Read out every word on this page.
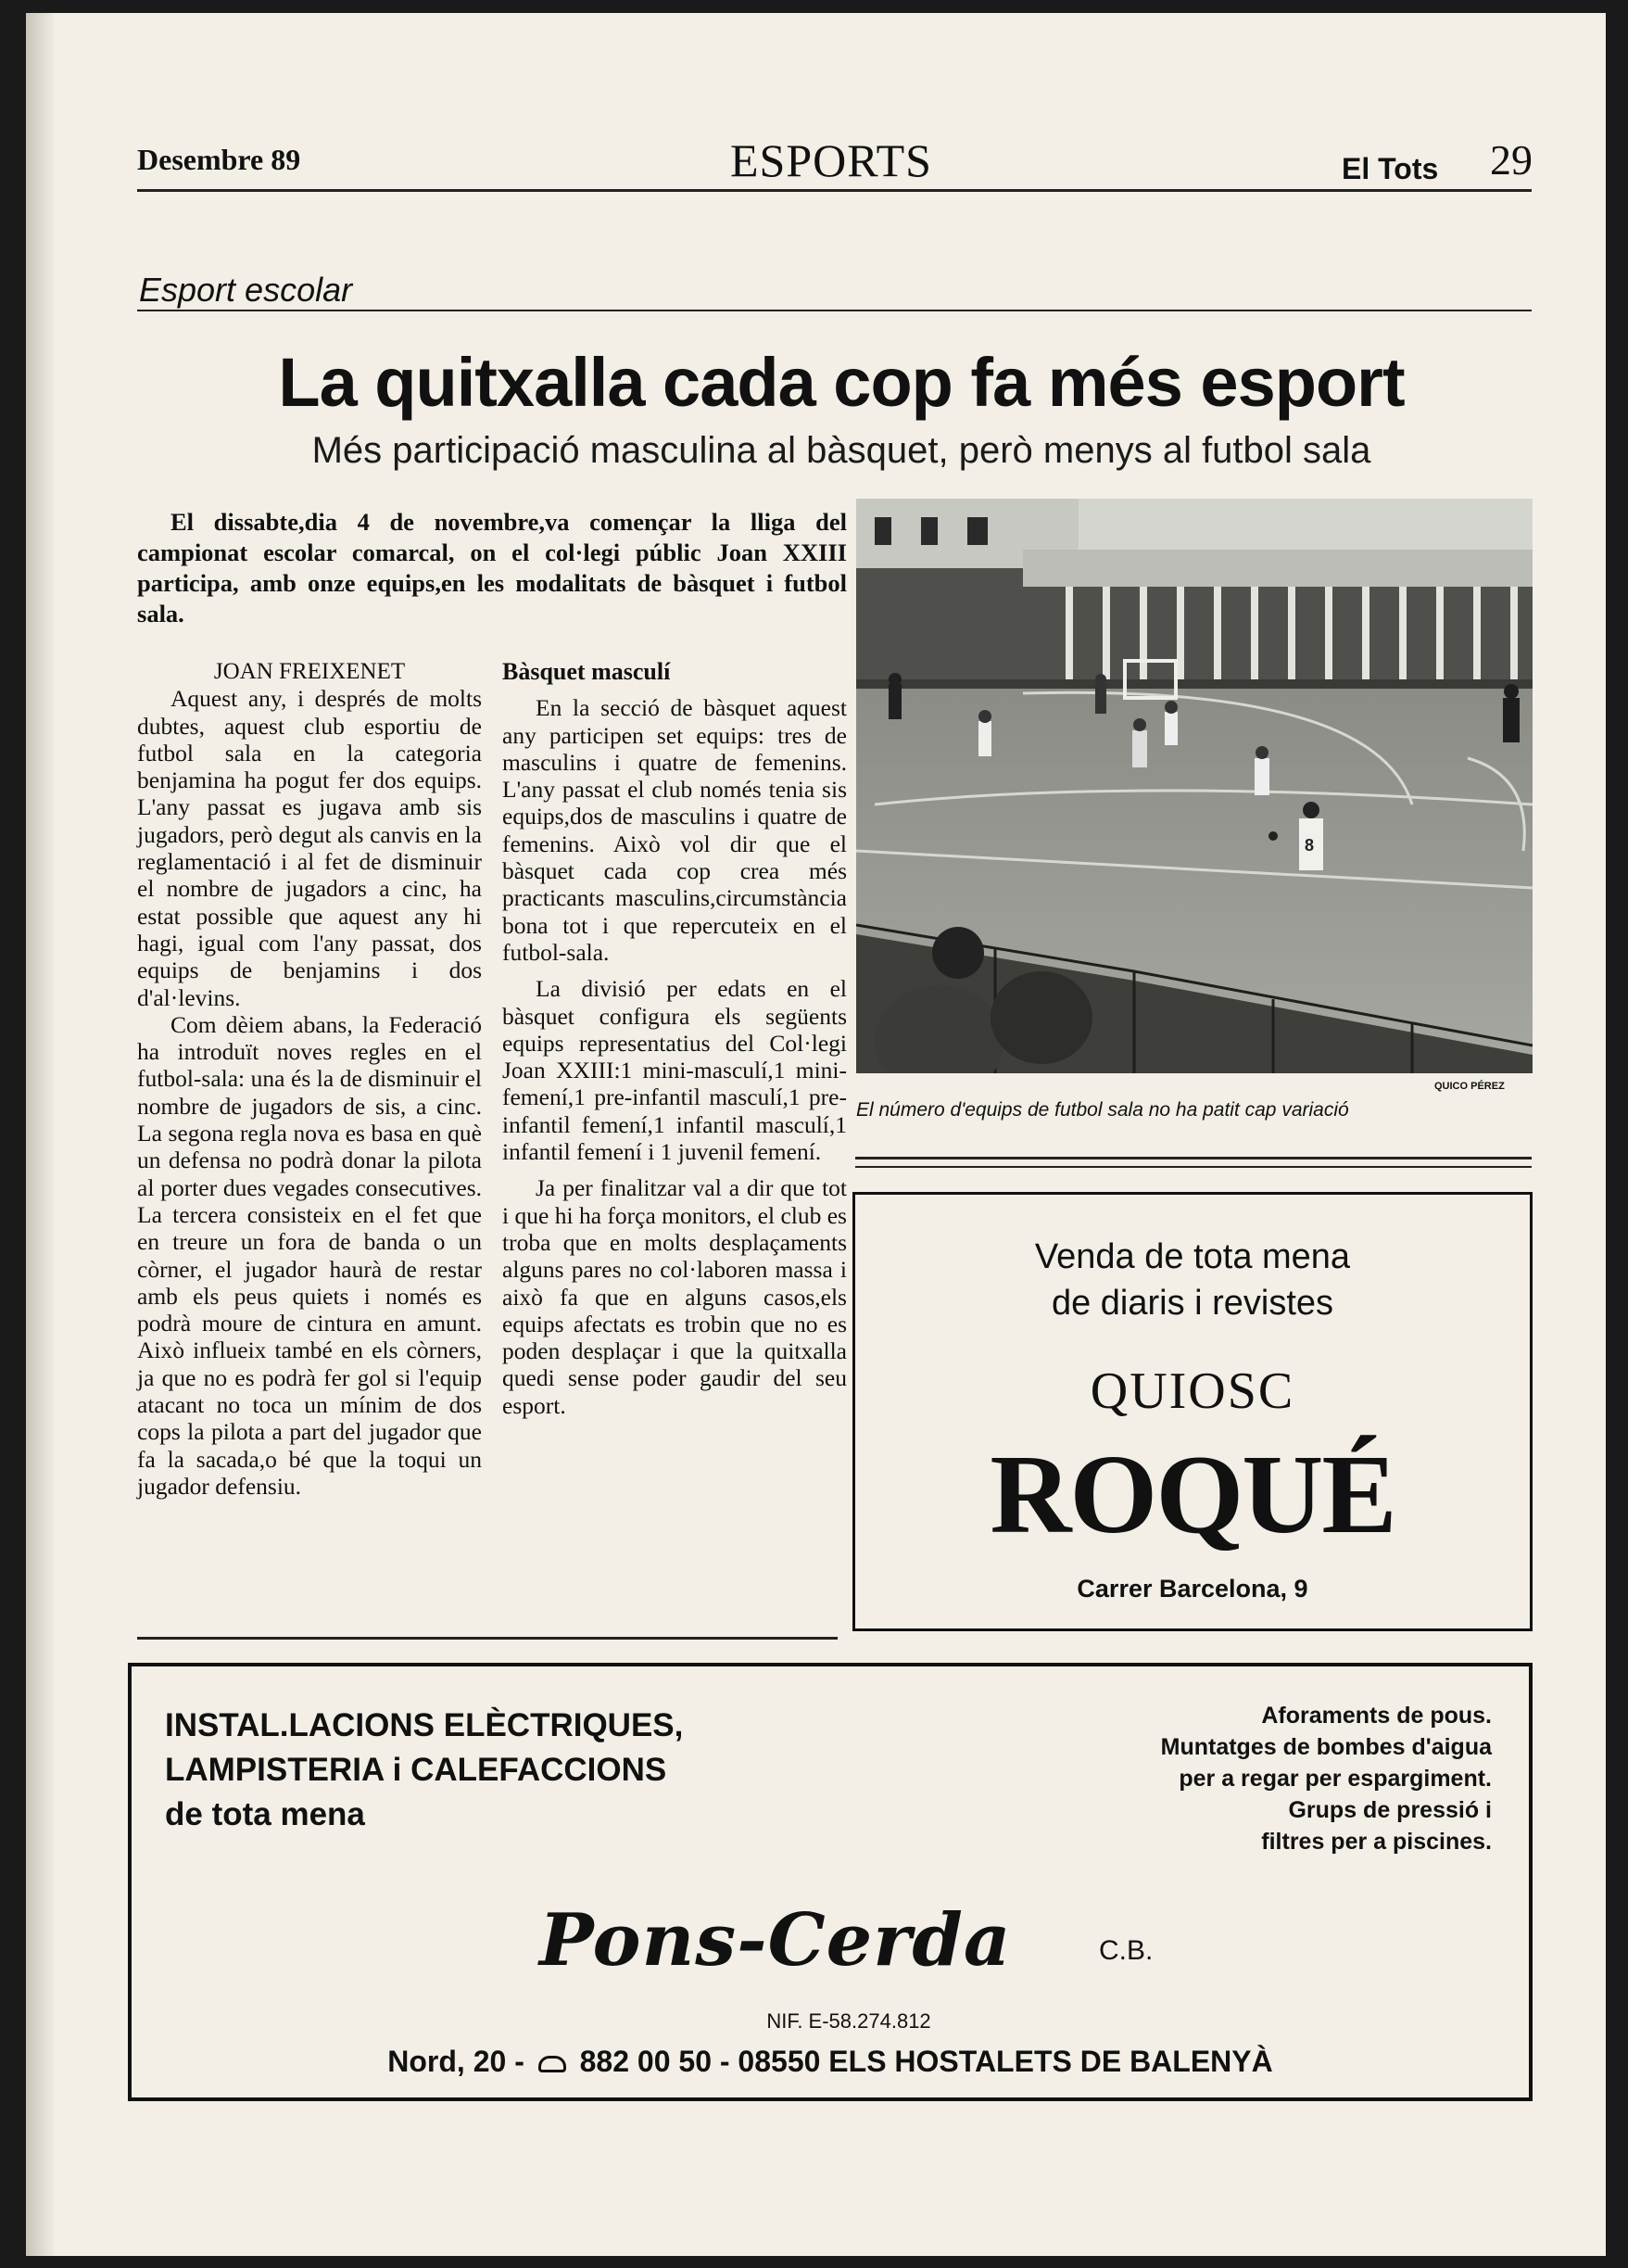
Desembre 89	ESPORTS	El Tots 29
Esport escolar
La quitxalla cada cop fa més esport
Més participació masculina al bàsquet, però menys al futbol sala
El dissabte,dia 4 de novembre,va començar la lliga del campionat escolar comarcal, on el col·legi públic Joan XXIII participa, amb onze equips,en les modalitats de bàsquet i futbol sala.
JOAN FREIXENET

Aquest any, i després de molts dubtes, aquest club esportiu de futbol sala en la categoria benjamina ha pogut fer dos equips. L'any passat es jugava amb sis jugadors, però degut als canvis en la reglamentació i al fet de disminuir el nombre de jugadors a cinc, ha estat possible que aquest any hi hagi, igual com l'any passat, dos equips de benjamins i dos d'al·levins.

Com dèiem abans, la Federació ha introduït noves regles en el futbol-sala: una és la de disminuir el nombre de jugadors de sis, a cinc. La segona regla nova es basa en què un defensa no podrà donar la pilota al porter dues vegades consecutives. La tercera consisteix en el fet que en treure un fora de banda o un còrner, el jugador haurà de restar amb els peus quiets i només es podrà moure de cintura en amunt. Això influeix també en els còrners, ja que no es podrà fer gol si l'equip atacant no toca un mínim de dos cops la pilota a part del jugador que fa la sacada,o bé que la toqui un jugador defensiu.

Bàsquet masculí

En la secció de bàsquet aquest any participen set equips: tres de masculins i quatre de femenins. L'any passat el club només tenia sis equips,dos de masculins i quatre de femenins. Això vol dir que el bàsquet cada cop crea més practicants masculins,circumstància bona tot i que repercuteix en el futbol-sala.

La divisió per edats en el bàsquet configura els següents equips representatius del Col·legi Joan XXIII:1 mini-masculí,1 mini-femení,1 pre-infantil masculí,1 pre-infantil femení,1 infantil masculí,1 infantil femení i 1 juvenil femení.

Ja per finalitzar val a dir que tot i que hi ha força monitors, el club es troba que en molts desplaçaments alguns pares no col·laboren massa i això fa que en alguns casos,els equips afectats es trobin que no es poden desplaçar i que la quitxalla quedi sense poder gaudir del seu esport.

8
QUICO PÉREZ
El número d'equips de futbol sala no ha patit cap variació
Venda de tota mena
de diaris i revistes
QUIOSC
ROQUÉ
Carrer Barcelona, 9
INSTAL.LACIONS ELÈCTRIQUES,
LAMPISTERIA i CALEFACCIONS
de tota mena
Aforaments de pous.
Muntatges de bombes d'aigua
per a regar per espargiment.
Grups de pressió i
filtres per a piscines.
Pons-Cerda	C.B.
NIF. E-58.274.812
Nord, 20 - 882 00 50 - 08550 ELS HOSTALETS DE BALENYÀ
